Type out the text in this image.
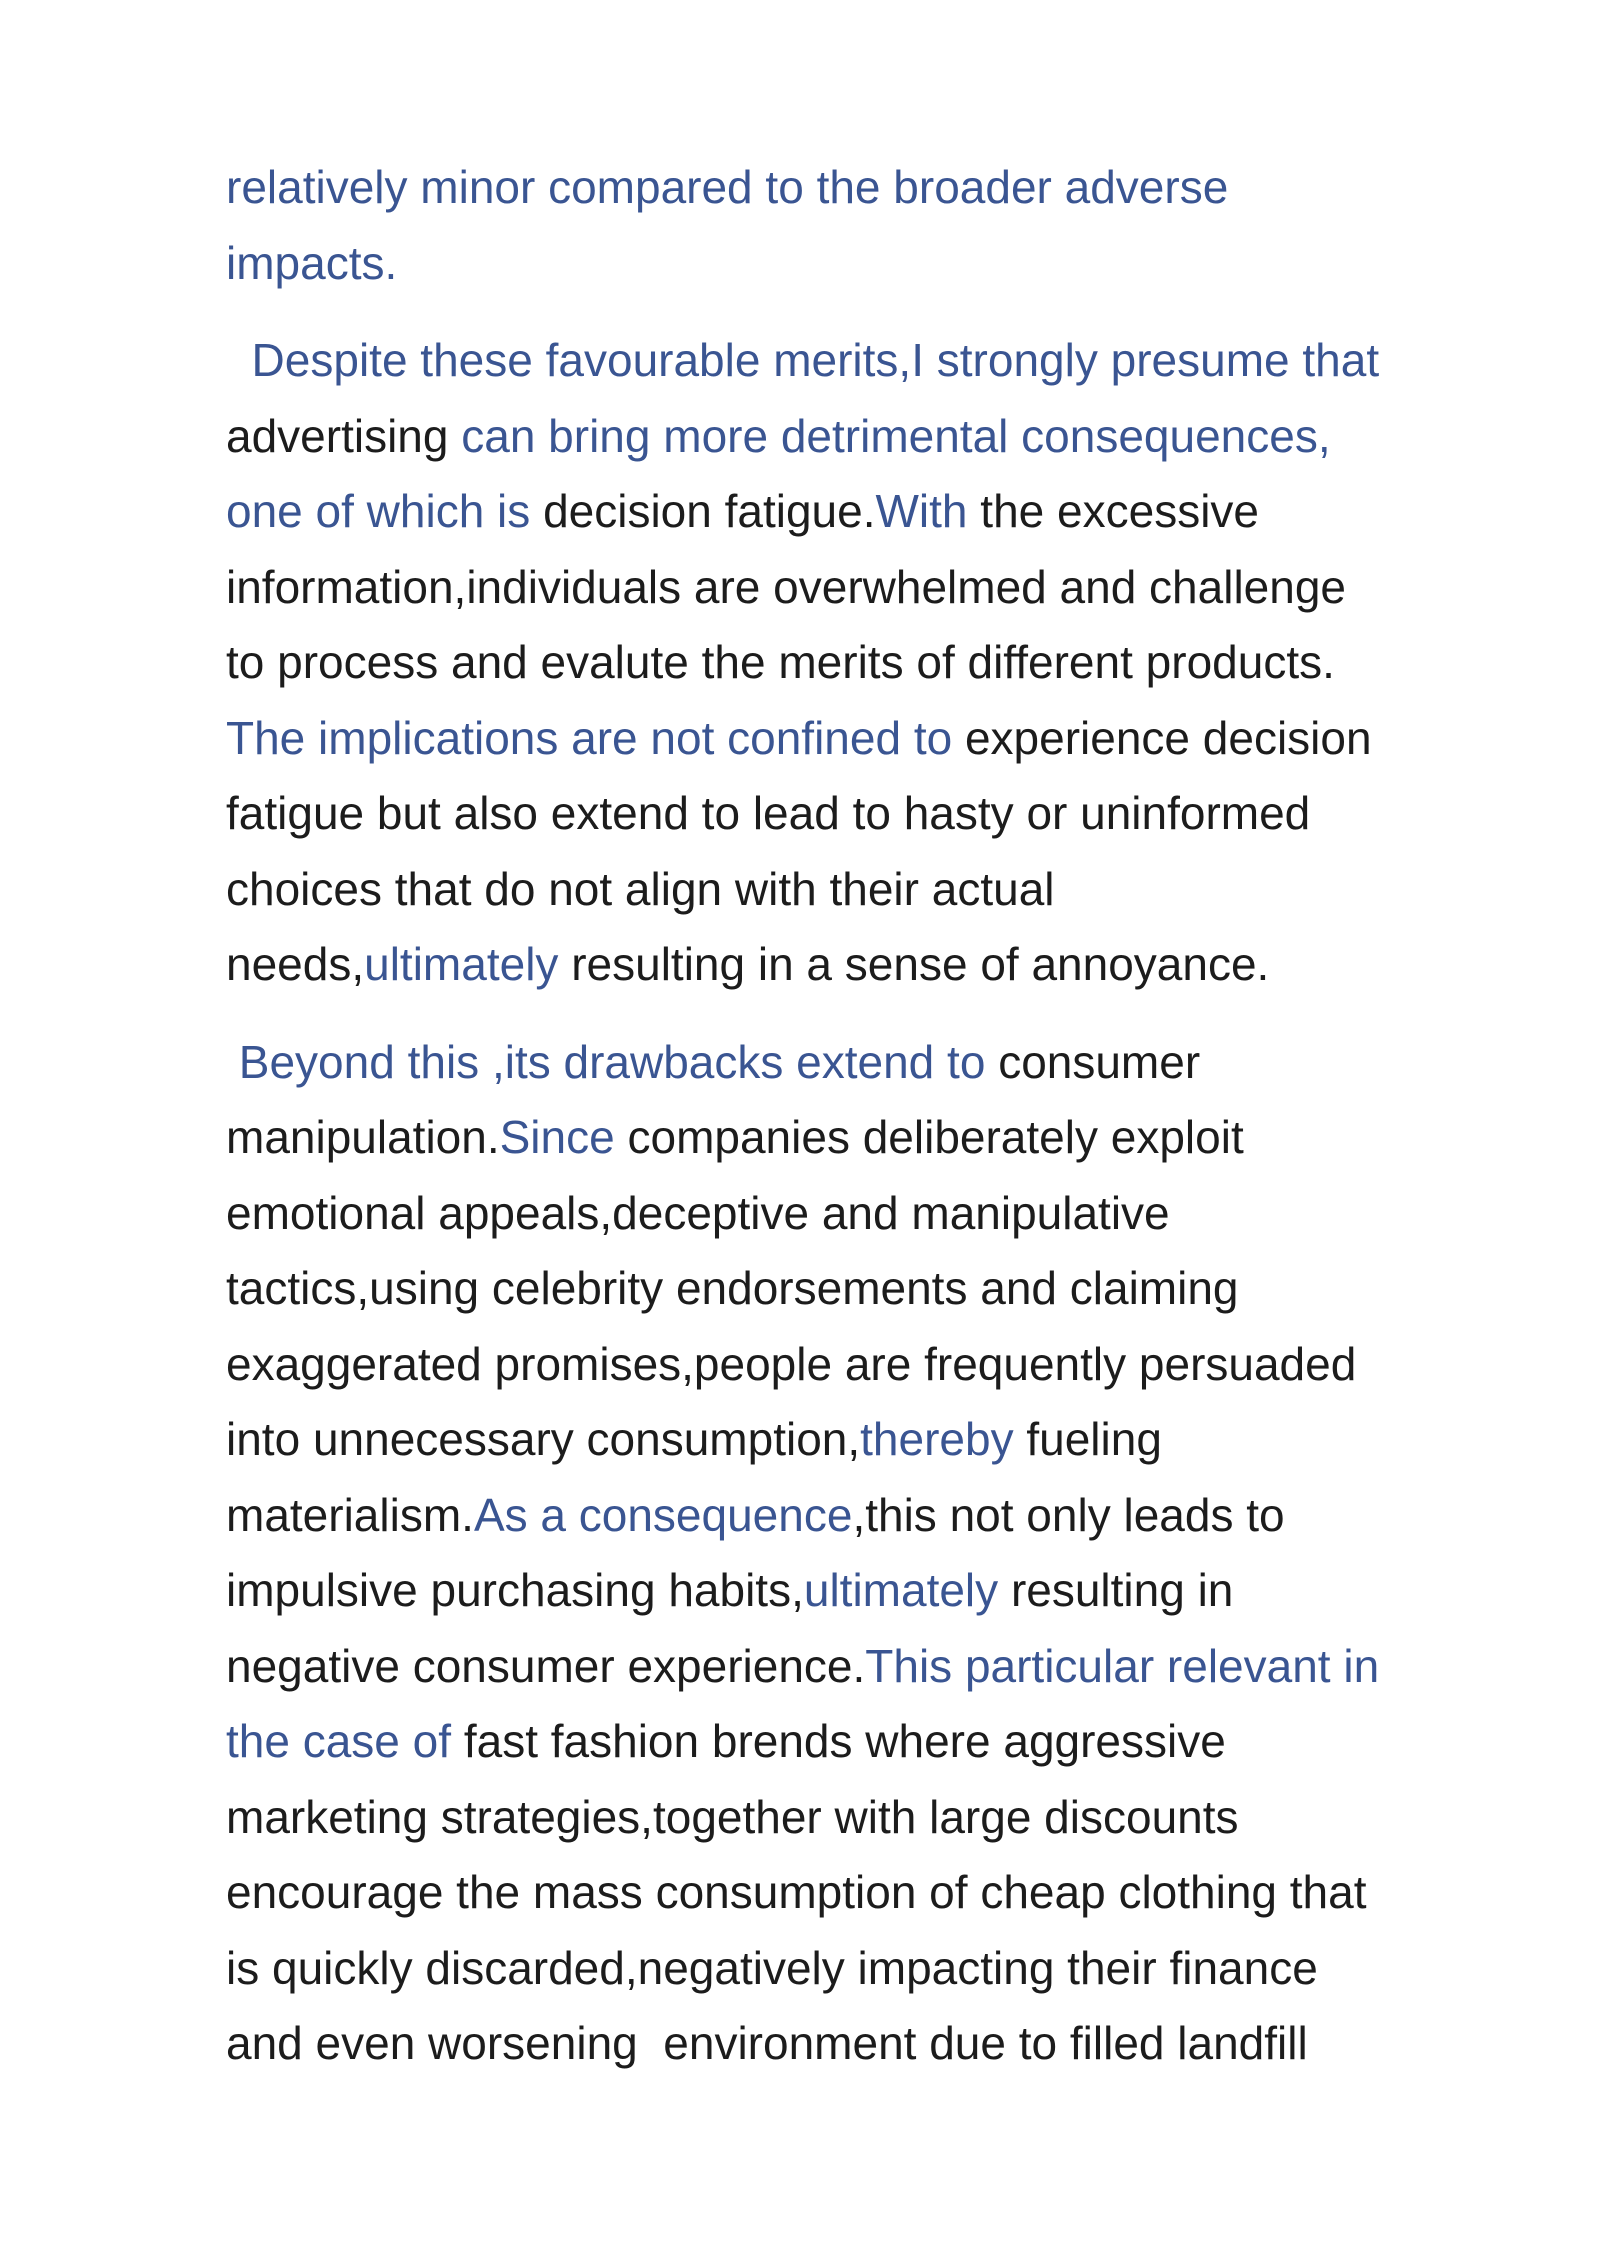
relatively minor compared to the broader adverse
impacts.
Despite these favourable merits,I strongly presume that
advertising can bring more detrimental consequences,
one of which is decision fatigue.With the excessive
information,individuals are overwhelmed and challenge
to process and evalute the merits of different products.
The implications are not confined to experience decision
fatigue but also extend to lead to hasty or uninformed
choices that do not align with their actual
needs,ultimately resulting in a sense of annoyance.
Beyond this ,its drawbacks extend to consumer
manipulation.Since companies deliberately exploit
emotional appeals,deceptive and manipulative
tactics,using celebrity endorsements and claiming
exaggerated promises,people are frequently persuaded
into unnecessary consumption,thereby fueling
materialism.As a consequence,this not only leads to
impulsive purchasing habits,ultimately resulting in
negative consumer experience.This particular relevant in
the case of fast fashion brends where aggressive
marketing strategies,together with large discounts
encourage the mass consumption of cheap clothing that
is quickly discarded,negatively impacting their finance
and even worsening  environment due to filled landfill
